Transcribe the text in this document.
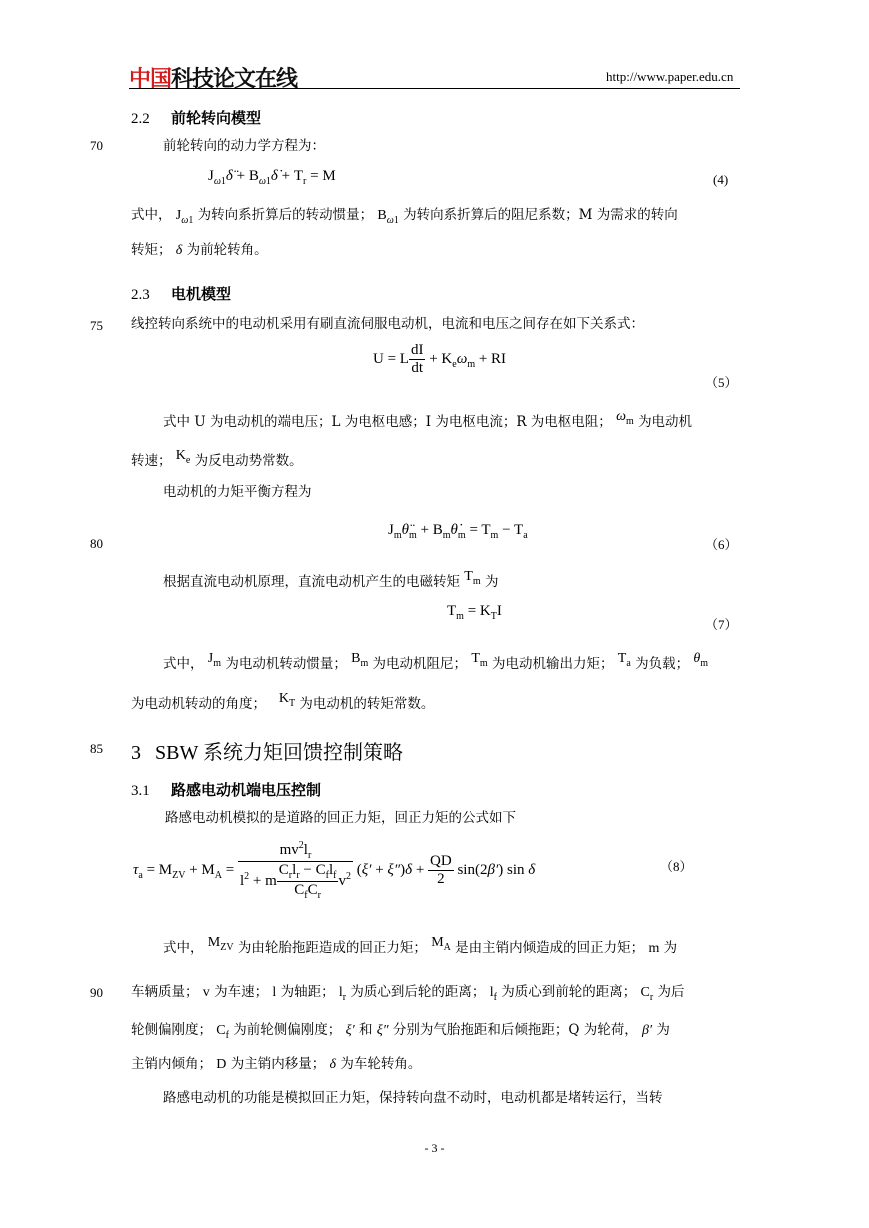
中国科技论文在线	http://www.paper.edu.cn
70
75
80
85
90
2.2 前轮转向模型
前轮转向的动力学方程为：
$J_{\omega 1}\deltä$ + $B_{\omega 1}\deltȧ + T_r = M$	(4)
式中， $J_{\omega 1}$ 为转向系折算后的转动惯量； $B_{\omega 1}$ 为转向系折算后的阻尼系数；M 为需求的转向
转矩； δ 为前轮转角。
2.3 电机模型
线控转向系统中的电动机采用有刷直流伺服电动机，电流和电压之间存在如下关系式：
U = L $\frac{dI}{dt} + K_e\omega_m$ + RI
（5）
式中 U 为电动机的端电压；L 为电枢电感；I 为电枢电流；R 为电枢电阻； $\omega_m$ 为电动机
转速； $K_e$ 为反电动势常数。
电动机的力矩平衡方程为
$J_m\thetä_m$ + $B_m\thetȧ_m = T_m - T_a$
（6）
根据直流电动机原理，直流电动机产生的电磁转矩 $T_m$ 为
$T_m = K_TI$
（7）
式中， $J_m$ 为电动机转动惯量； $B_m$ 为电动机阻尼； $T_m$ 为电动机输出力矩； $T_a$ 为负载； $\theta_m$
为电动机转动的角度； $K_T$ 为电动机的转矩常数。
3 SBW 系统力矩回馈控制策略
3.1 路感电动机端电压控制
路感电动机模拟的是道路的回正力矩，回正力矩的公式如下
$\tau_a = M_{ZV} + M_A = \frac{mv^2l_r}{l^2 + m \frac{C_rl_r - C_fl_f}{C_fC_r} v^2} (\xi' + \xi'')\delta + \frac{QD}{2} \sin(2\beta')$ sin δ	（8）
式中， $M_{ZV}$ 为由轮胎拖距造成的回正力矩； $M_A$ 是由主销内倾造成的回正力矩； m 为
车辆质量； v 为车速； l 为轴距； $l_r$ 为质心到后轮的距离； $l_f$ 为质心到前轮的距离； $C_r$ 为后
轮侧偏刚度； $C_f$ 为前轮侧偏刚度； ξ′ 和 ξ″ 分别为气胎拖距和后倾拖距；Q 为轮荷， β′ 为
主销内倾角； D 为主销内移量； δ 为车轮转角。
路感电动机的功能是模拟回正力矩，保持转向盘不动时，电动机都是堵转运行，当转
- 3 -
